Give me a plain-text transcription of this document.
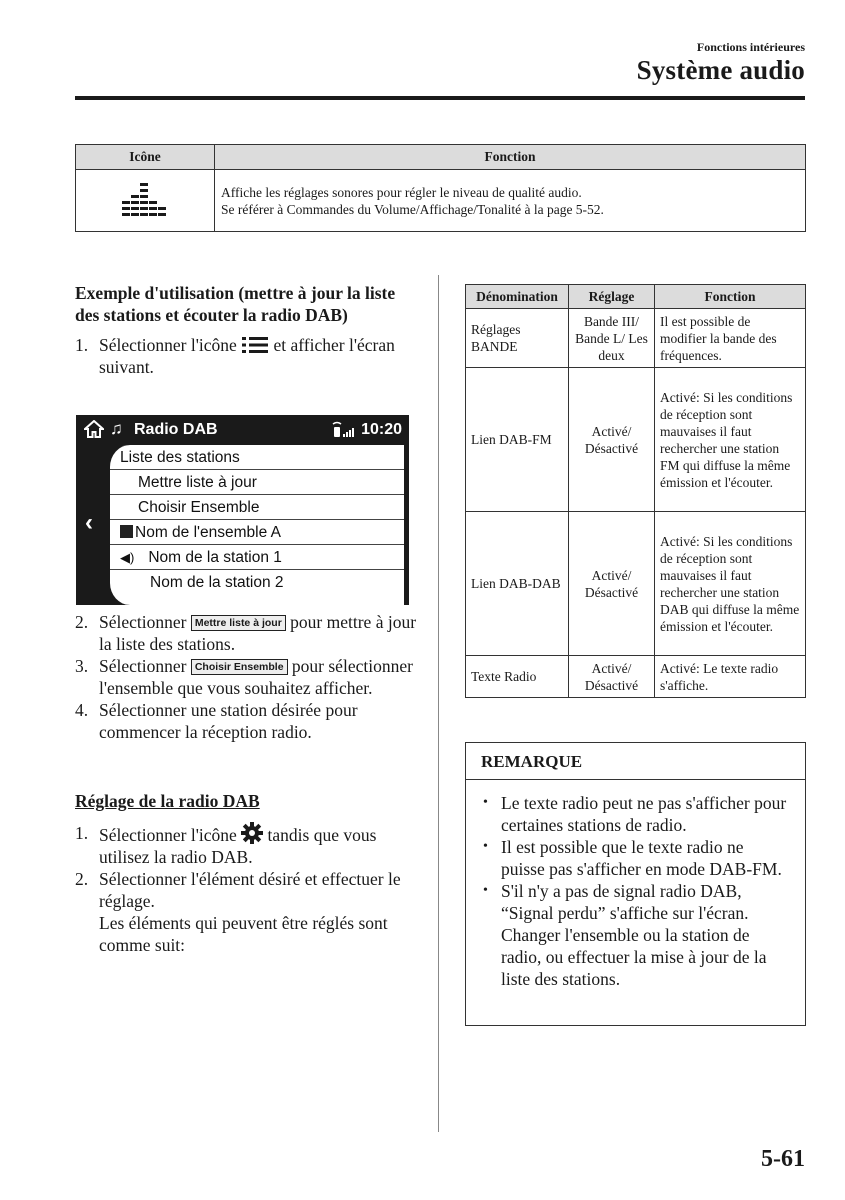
Fonctions intérieures
Système audio
Icône	Fonction

Affiche les réglages sonores pour régler le niveau de qualité audio.
Se référer à Commandes du Volume/Affichage/Tonalité à la page 5-52.
Exemple d'utilisation (mettre à jour la liste des stations et écouter la radio DAB)
1. Sélectionner l'icône et afficher l'écran suivant.
♫ Radio DAB	10:20
‹
Liste des stations
Mettre liste à jour
Choisir Ensemble
Nom de l'ensemble A
◀) Nom de la station 1
Nom de la station 2
2. Sélectionner Mettre liste à jour pour mettre à jour la liste des stations.
3. Sélectionner Choisir Ensemble pour sélectionner l'ensemble que vous souhaitez afficher.
4. Sélectionner une station désirée pour commencer la réception radio.
Réglage de la radio DAB
1. Sélectionner l'icône tandis que vous utilisez la radio DAB.
2. Sélectionner l'élément désiré et effectuer le réglage.
Les éléments qui peuvent être réglés sont comme suit:
Dénomination	Réglage	Fonction
Réglages BANDE	Bande III/ Bande L/ Les deux	Il est possible de modifier la bande des fréquences.
Lien DAB-FM	Activé/ Désactivé	Activé: Si les conditions de réception sont mauvaises il faut rechercher une station FM qui diffuse la même émission et l'écouter.
Lien DAB-DAB	Activé/ Désactivé	Activé: Si les conditions de réception sont mauvaises il faut rechercher une station DAB qui diffuse la même émission et l'écouter.
Texte Radio	Activé/ Désactivé	Activé: Le texte radio s'affiche.
REMARQUE
• Le texte radio peut ne pas s'afficher pour certaines stations de radio.
• Il est possible que le texte radio ne puisse pas s'afficher en mode DAB-FM.
• S'il n'y a pas de signal radio DAB, “Signal perdu” s'affiche sur l'écran. Changer l'ensemble ou la station de radio, ou effectuer la mise à jour de la liste des stations.
5-61
